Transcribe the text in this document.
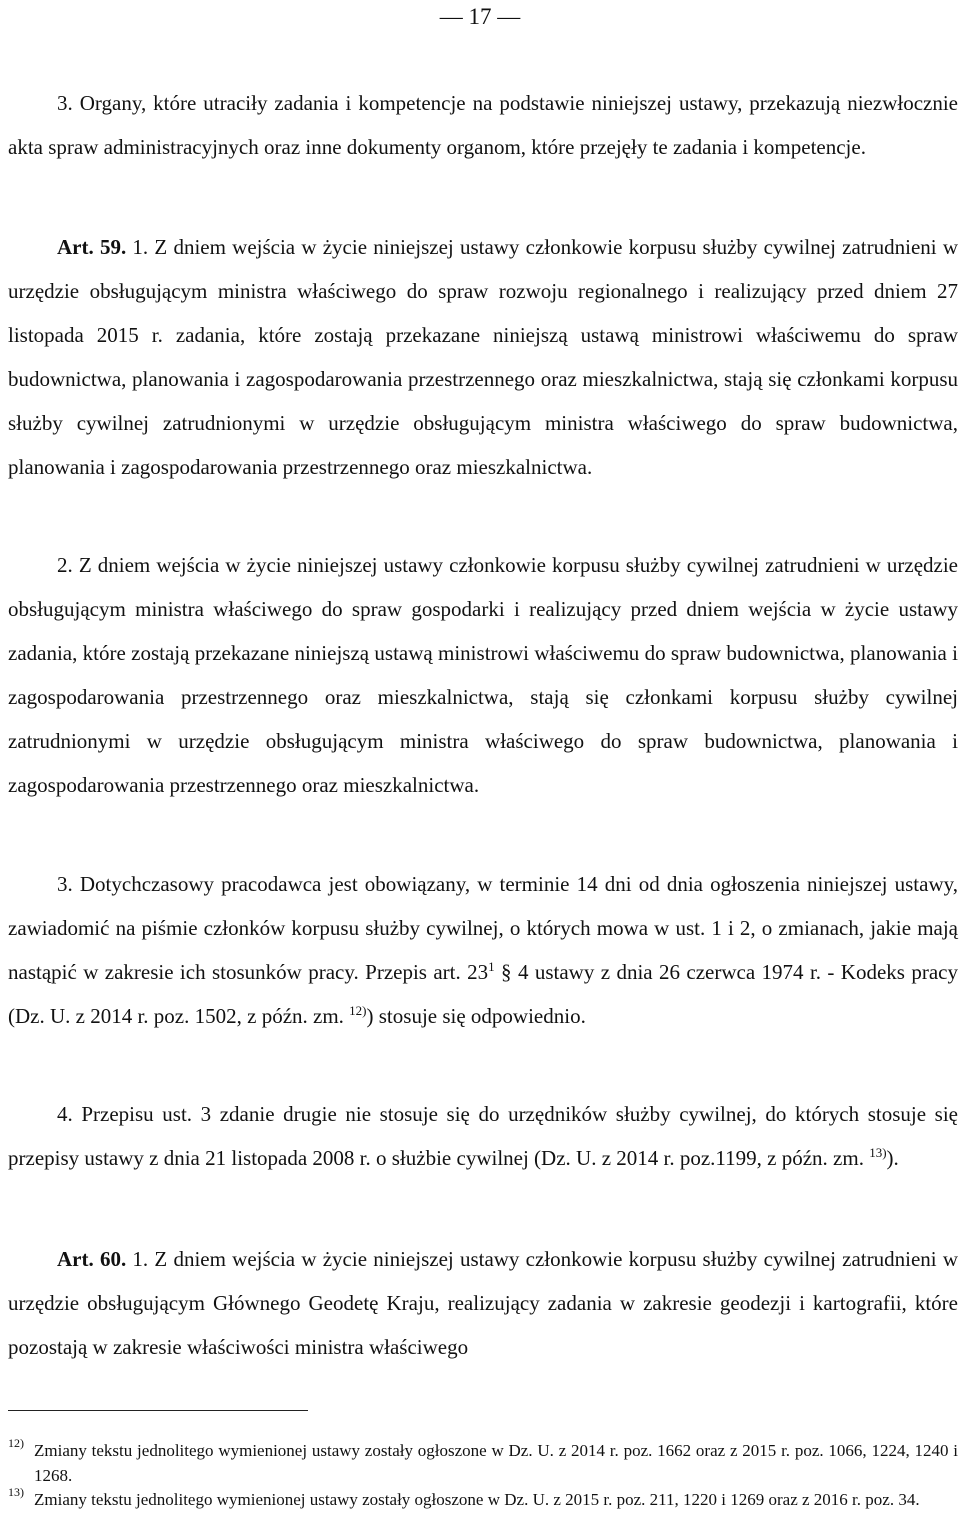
— 17 —

3. Organy, które utraciły zadania i kompetencje na podstawie niniejszej ustawy, przekazują niezwłocznie akta spraw administracyjnych oraz inne dokumenty organom, które przejęły te zadania i kompetencje.

Art. 59. 1. Z dniem wejścia w życie niniejszej ustawy członkowie korpusu służby cywilnej zatrudnieni w urzędzie obsługującym ministra właściwego do spraw rozwoju regionalnego i realizujący przed dniem 27 listopada 2015 r. zadania, które zostają przekazane niniejszą ustawą ministrowi właściwemu do spraw budownictwa, planowania i zagospodarowania przestrzennego oraz mieszkalnictwa, stają się członkami korpusu służby cywilnej zatrudnionymi w urzędzie obsługującym ministra właściwego do spraw budownictwa, planowania i zagospodarowania przestrzennego oraz mieszkalnictwa.

2. Z dniem wejścia w życie niniejszej ustawy członkowie korpusu służby cywilnej zatrudnieni w urzędzie obsługującym ministra właściwego do spraw gospodarki i realizujący przed dniem wejścia w życie ustawy zadania, które zostają przekazane niniejszą ustawą ministrowi właściwemu do spraw budownictwa, planowania i zagospodarowania przestrzennego oraz mieszkalnictwa, stają się członkami korpusu służby cywilnej zatrudnionymi w urzędzie obsługującym ministra właściwego do spraw budownictwa, planowania i zagospodarowania przestrzennego oraz mieszkalnictwa.

3. Dotychczasowy pracodawca jest obowiązany, w terminie 14 dni od dnia ogłoszenia niniejszej ustawy, zawiadomić na piśmie członków korpusu służby cywilnej, o których mowa w ust. 1 i 2, o zmianach, jakie mają nastąpić w zakresie ich stosunków pracy. Przepis art. $23^1$ § 4 ustawy z dnia 26 czerwca 1974 r. - Kodeks pracy (Dz. U. z 2014 r. poz. 1502, z późn. zm. $^{12)}$) stosuje się odpowiednio.

4. Przepisu ust. 3 zdanie drugie nie stosuje się do urzędników służby cywilnej, do których stosuje się przepisy ustawy z dnia 21 listopada 2008 r. o służbie cywilnej (Dz. U. z 2014 r. poz.1199, z późn. zm. $^{13)}$).

Art. 60. 1. Z dniem wejścia w życie niniejszej ustawy członkowie korpusu służby cywilnej zatrudnieni w urzędzie obsługującym Głównego Geodetę Kraju, realizujący zadania w zakresie geodezji i kartografii, które pozostają w zakresie właściwości ministra właściwego

12) Zmiany tekstu jednolitego wymienionej ustawy zostały ogłoszone w Dz. U. z 2014 r. poz. 1662 oraz z 2015 r. poz. 1066, 1224, 1240 i 1268.
13) Zmiany tekstu jednolitego wymienionej ustawy zostały ogłoszone w Dz. U. z 2015 r. poz. 211, 1220 i 1269 oraz z 2016 r. poz. 34.
